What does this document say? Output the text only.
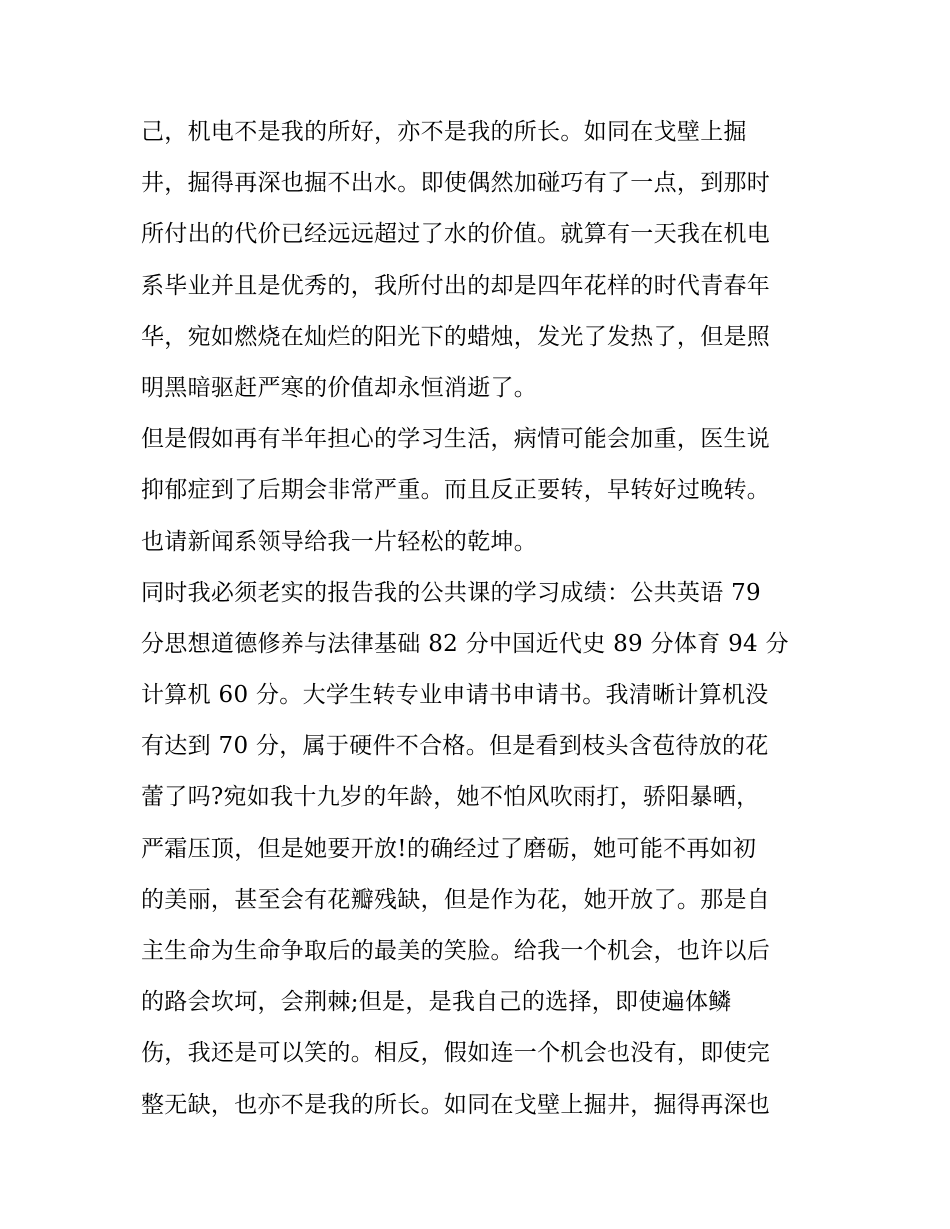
己，机电不是我的所好，亦不是我的所长。如同在戈壁上掘
井，掘得再深也掘不出水。即使偶然加碰巧有了一点，到那时
所付出的代价已经远远超过了水的价值。就算有一天我在机电
系毕业并且是优秀的，我所付出的却是四年花样的时代青春年
华，宛如燃烧在灿烂的阳光下的蜡烛，发光了发热了，但是照
明黑暗驱赶严寒的价值却永恒消逝了。
但是假如再有半年担心的学习生活，病情可能会加重，医生说
抑郁症到了后期会非常严重。而且反正要转，早转好过晚转。
也请新闻系领导给我一片轻松的乾坤。
同时我必须老实的报告我的公共课的学习成绩：公共英语 79
分思想道德修养与法律基础 82 分中国近代史 89 分体育 94 分
计算机 60 分。大学生转专业申请书申请书。我清晰计算机没
有达到 70 分，属于硬件不合格。但是看到枝头含苞待放的花
蕾了吗?宛如我十九岁的年龄，她不怕风吹雨打，骄阳暴晒，
严霜压顶，但是她要开放!的确经过了磨砺，她可能不再如初
的美丽，甚至会有花瓣残缺，但是作为花，她开放了。那是自
主生命为生命争取后的最美的笑脸。给我一个机会，也许以后
的路会坎坷，会荆棘;但是，是我自己的选择，即使遍体鳞
伤，我还是可以笑的。相反，假如连一个机会也没有，即使完
整无缺，也亦不是我的所长。如同在戈壁上掘井，掘得再深也
